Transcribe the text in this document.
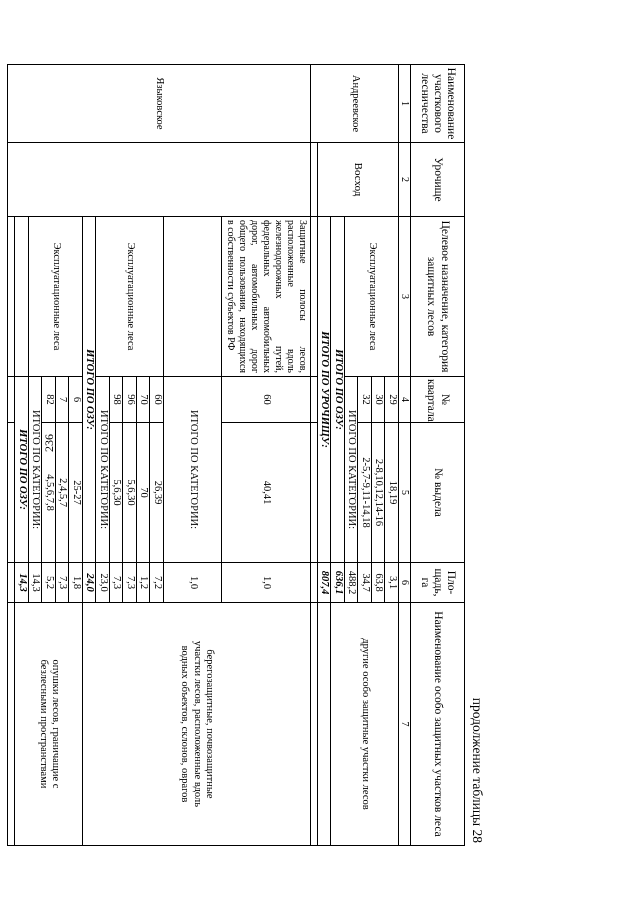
236
продолжение таблицы 28
Наименование участкового лесничества	Урочище	Целевое назначение, категория защитных лесов	№ квартала	№ выдела	Пло-щадь, га	Наименование особо защитных участков леса
1	2	3	4	5	6	7
Андреевское	Восход	Эксплуатационные леса	29	18,19	3,1	другие особо защитные участки лесов
			30	2-8,10,12,14-16	63,8	
			32	2-5,7-9,11-14,18	34,7	
			ИТОГО ПО КАТЕГОРИИ:		488,2	
		ИТОГО ПО ОЗУ:			636,1	
		ИТОГО ПО УРОЧИЩУ:			807,4	

Языковское		Защитные полосы лесов, расположенные вдоль железнодорожных путей, федеральных автомобильных дорог, автомобильных дорог общего пользования, находящихся в собственности субъектов РФ	60	40,41	1,0	берегозащитные, почвозащитные участки лесов, расположенные вдоль водных объектов, склонов, оврагов
			ИТОГО ПО КАТЕГОРИИ:		1,0	
		Эксплуатационные леса	60	26,39	7,2	
			70	70	1,2	
			96	5,6,30	7,3	
			98	5,6,30	7,3	
			ИТОГО ПО КАТЕГОРИИ:		23,0	
		ИТОГО ПО ОЗУ:			24,0	
		Эксплуатационные леса	6	25-27	1,8	опушки лесов, граничащие с безлесными пространствами
			7	2,4,5,7	7,3	
			82	4,5,6,7,8	5,2	
			ИТОГО ПО КАТЕГОРИИ:		14,3	
			ИТОГО ПО ОЗУ:		14,3	
